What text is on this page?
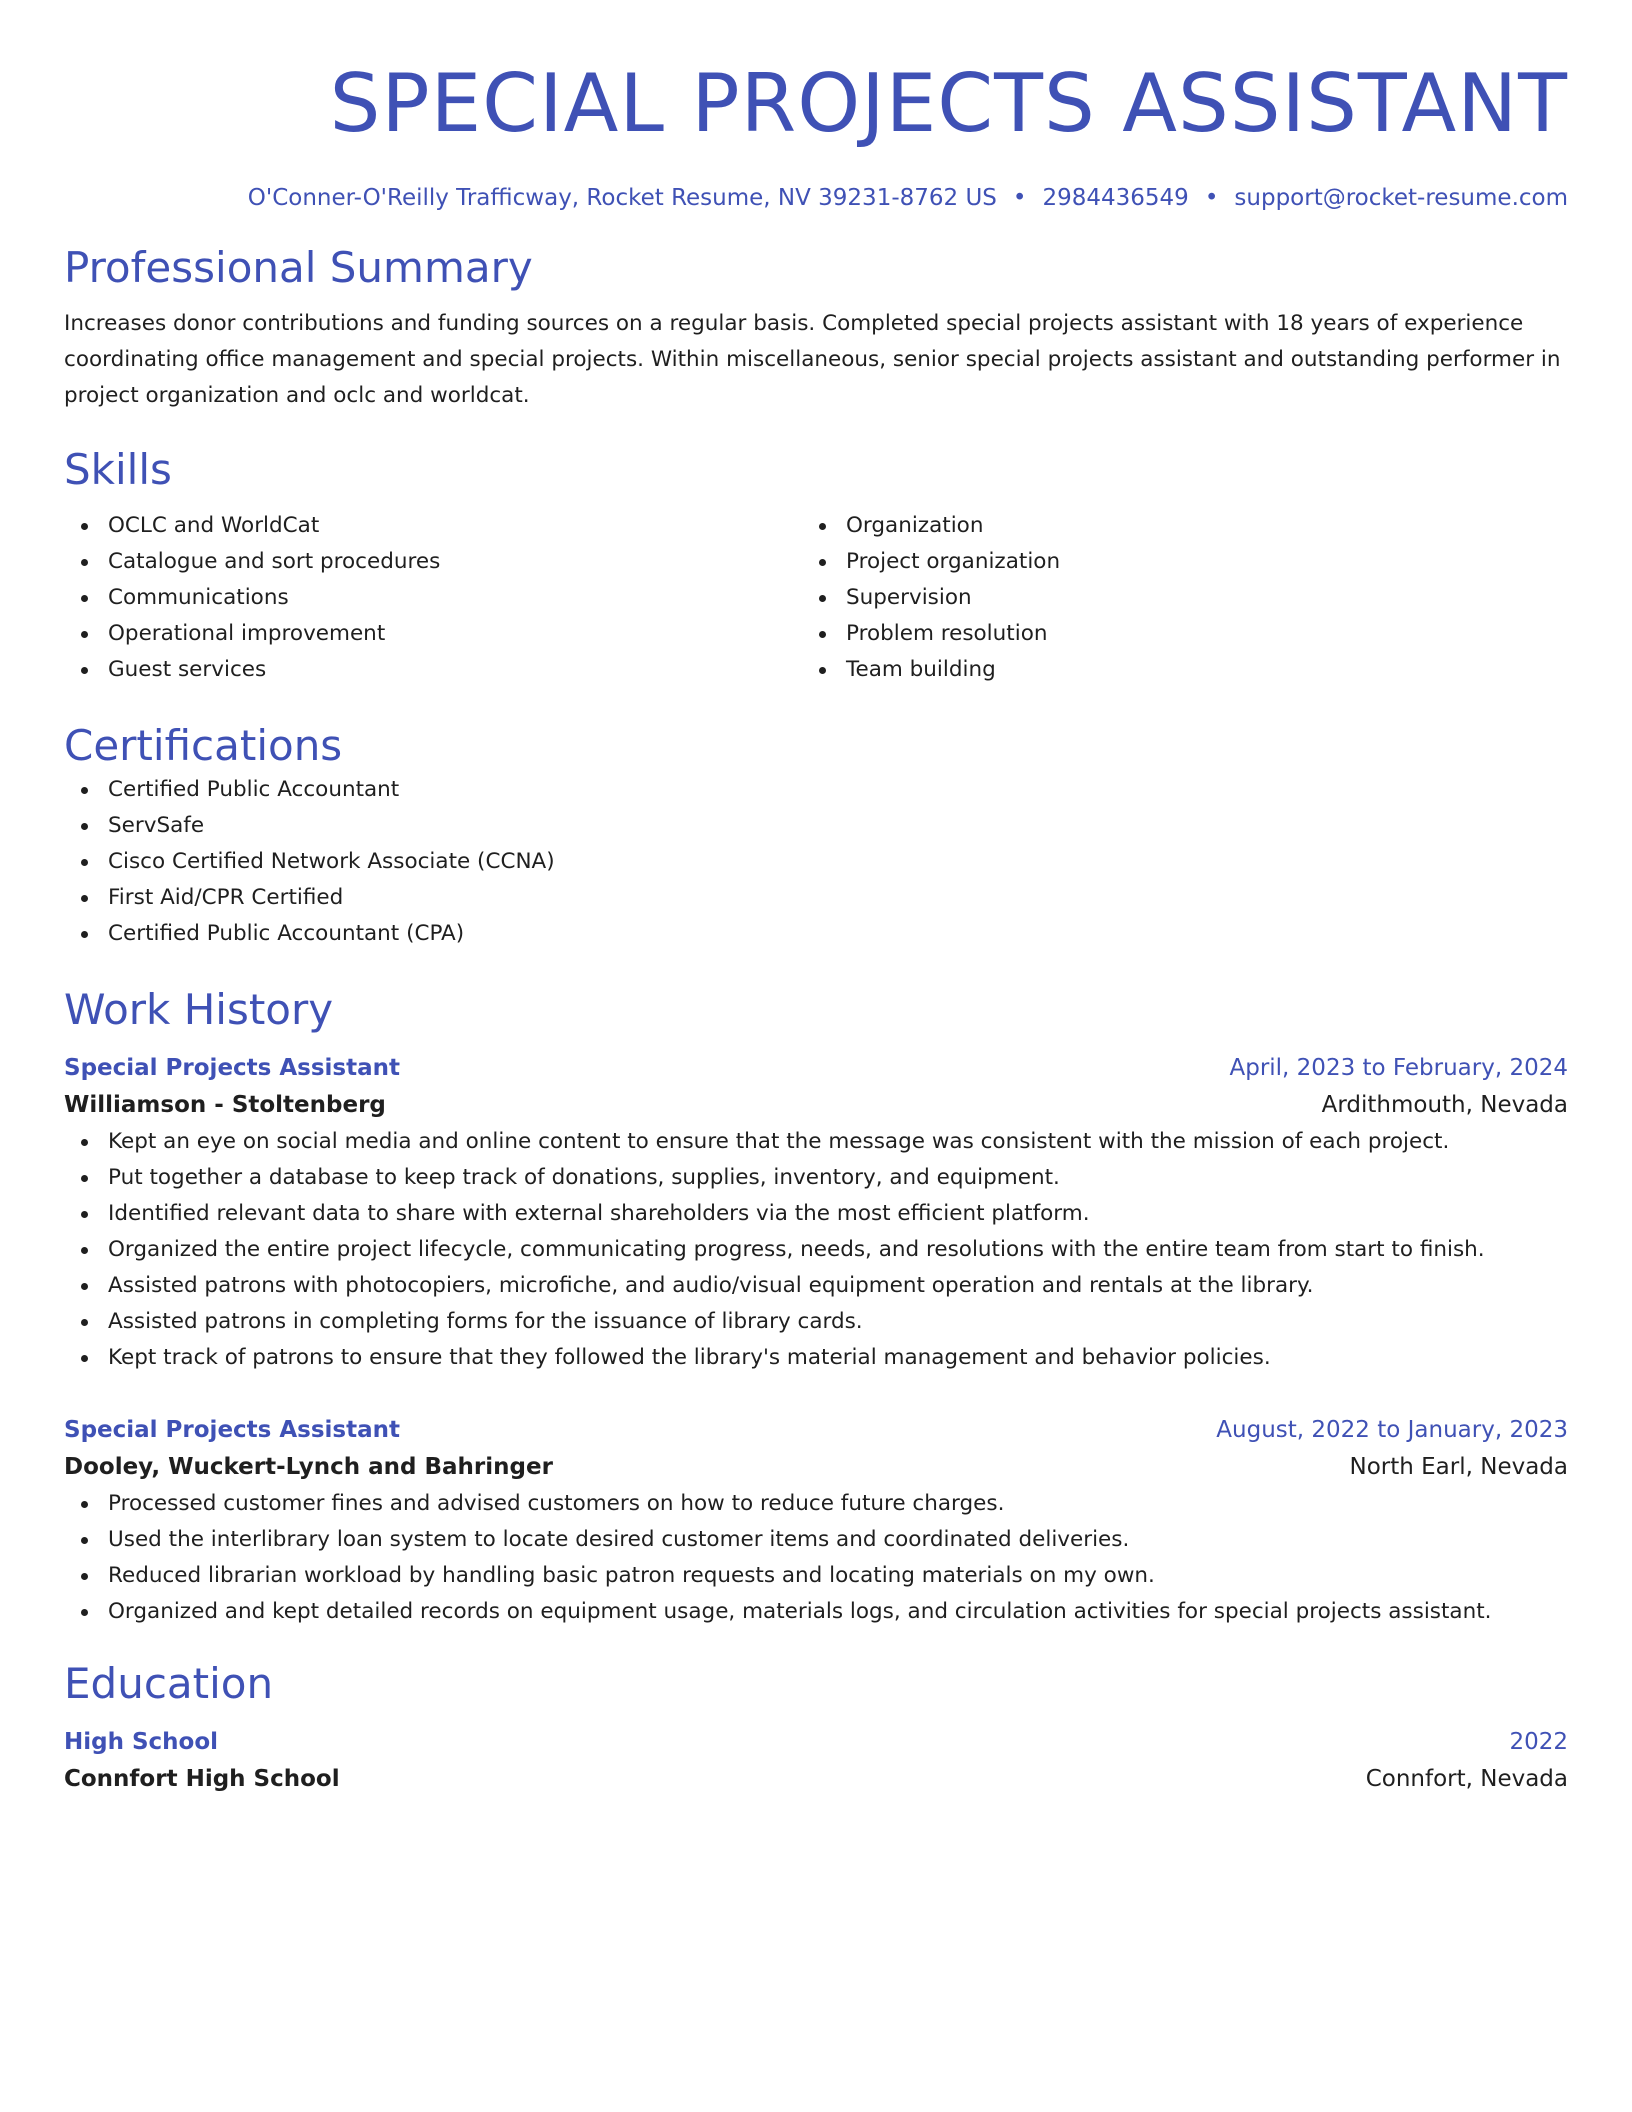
SPECIAL PROJECTS ASSISTANT
O'Conner-O'Reilly Trafficway, Rocket Resume, NV 39231-8762 US • 2984436549 • support@rocket-resume.com
Professional Summary

Increases donor contributions and funding sources on a regular basis. Completed special projects assistant with 18 years of experience coordinating office management and special projects. Within miscellaneous, senior special projects assistant and outstanding performer in project organization and oclc and worldcat.

Skills
OCLC and WorldCat
Catalogue and sort procedures
Communications
Operational improvement
Guest services
Organization
Project organization
Supervision
Problem resolution
Team building
Certifications
Certified Public Accountant
ServSafe
Cisco Certified Network Associate (CCNA)
First Aid/CPR Certified
Certified Public Accountant (CPA)
Work History
Special Projects Assistant	April, 2023 to February, 2024
Williamson - Stoltenberg	Ardithmouth, Nevada
Kept an eye on social media and online content to ensure that the message was consistent with the mission of each project.
Put together a database to keep track of donations, supplies, inventory, and equipment.
Identified relevant data to share with external shareholders via the most efficient platform.
Organized the entire project lifecycle, communicating progress, needs, and resolutions with the entire team from start to finish.
Assisted patrons with photocopiers, microfiche, and audio/visual equipment operation and rentals at the library.
Assisted patrons in completing forms for the issuance of library cards.
Kept track of patrons to ensure that they followed the library's material management and behavior policies.
Special Projects Assistant	August, 2022 to January, 2023
Dooley, Wuckert-Lynch and Bahringer	North Earl, Nevada
Processed customer fines and advised customers on how to reduce future charges.
Used the interlibrary loan system to locate desired customer items and coordinated deliveries.
Reduced librarian workload by handling basic patron requests and locating materials on my own.
Organized and kept detailed records on equipment usage, materials logs, and circulation activities for special projects assistant.
Education
High School	2022
Connfort High School	Connfort, Nevada
